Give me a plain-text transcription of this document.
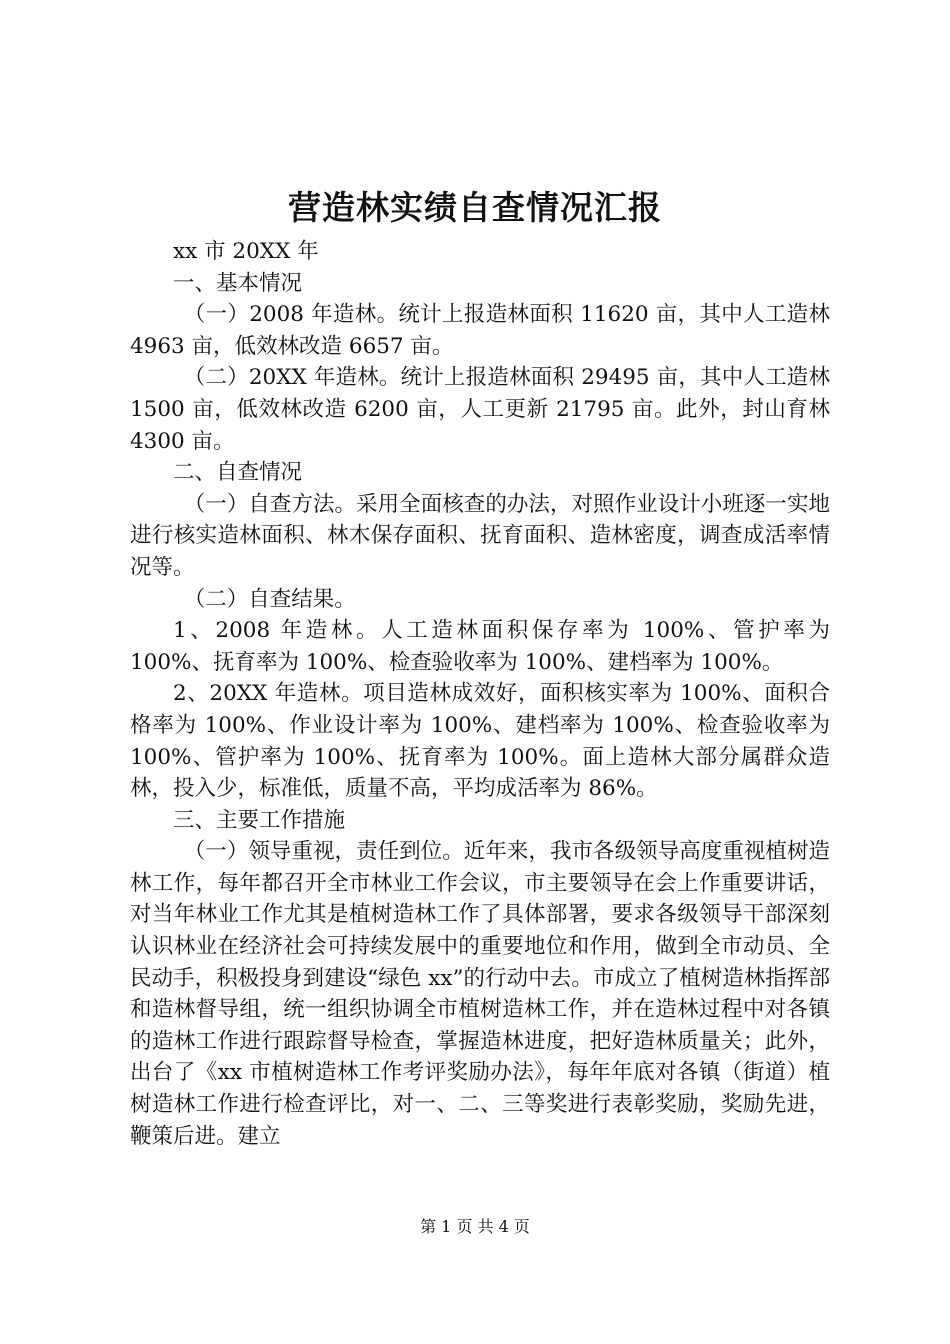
营造林实绩自查情况汇报

xx 市 20XX 年

一、基本情况

（一）2008 年造林。统计上报造林面积 11620 亩，其中人工造林 4963 亩，低效林改造 6657 亩。

（二）20XX 年造林。统计上报造林面积 29495 亩，其中人工造林 1500 亩，低效林改造 6200 亩，人工更新 21795 亩。此外，封山育林 4300 亩。

二、自查情况

（一）自查方法。采用全面核查的办法，对照作业设计小班逐一实地进行核实造林面积、林木保存面积、抚育面积、造林密度，调查成活率情况等。

（二）自查结果。

1、2008 年造林。人工造林面积保存率为 100%、管护率为 100%、抚育率为 100%、检查验收率为 100%、建档率为 100%。

2、20XX 年造林。项目造林成效好，面积核实率为 100%、面积合格率为 100%、作业设计率为 100%、建档率为 100%、检查验收率为 100%、管护率为 100%、抚育率为 100%。面上造林大部分属群众造林，投入少，标准低，质量不高，平均成活率为 86%。

三、主要工作措施

（一）领导重视，责任到位。近年来，我市各级领导高度重视植树造林工作，每年都召开全市林业工作会议，市主要领导在会上作重要讲话，对当年林业工作尤其是植树造林工作了具体部署，要求各级领导干部深刻认识林业在经济社会可持续发展中的重要地位和作用，做到全市动员、全民动手，积极投身到建设“绿色 xx”的行动中去。市成立了植树造林指挥部和造林督导组，统一组织协调全市植树造林工作，并在造林过程中对各镇的造林工作进行跟踪督导检查，掌握造林进度，把好造林质量关；此外，出台了《xx 市植树造林工作考评奖励办法》，每年年底对各镇（街道）植树造林工作进行检查评比，对一、二、三等奖进行表彰奖励，奖励先进，鞭策后进。建立

第 1 页 共 4 页
